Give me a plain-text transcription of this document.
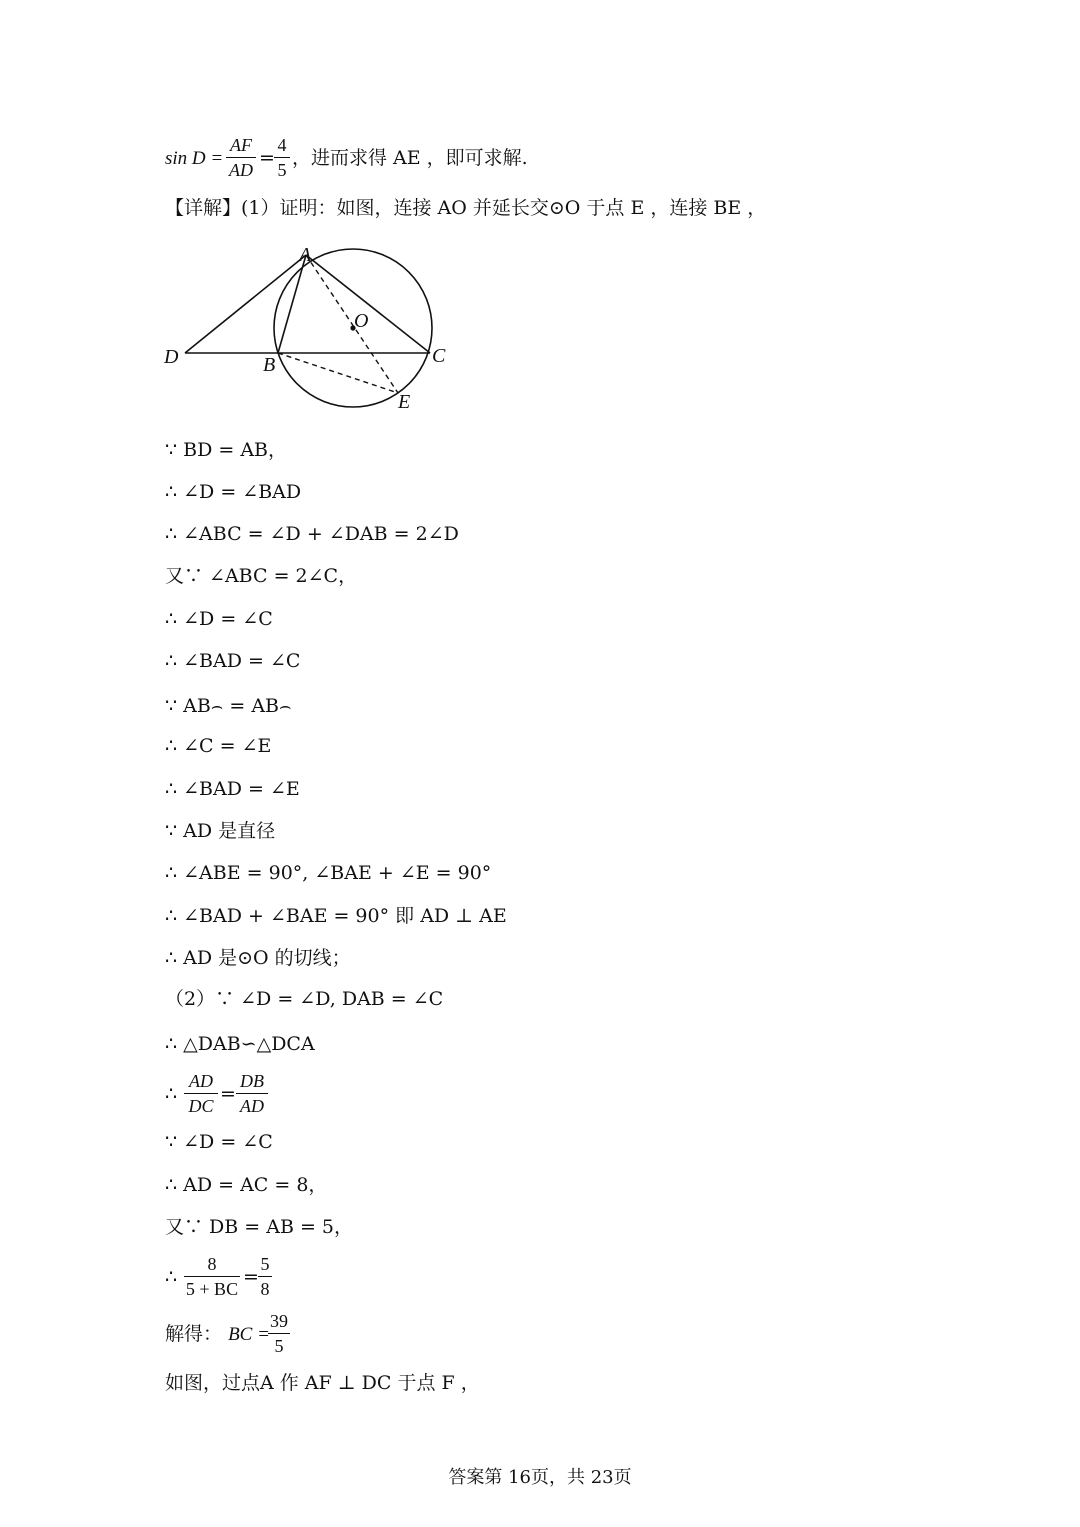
sin D =
AF
AD
=
4
5
，进而求得 AE ，即可求解.
【详解】(1）证明：如图，连接 AO 并延长交⊙O 于点 E ，连接 BE ，
A
O
D	B	C
E
∵ BD = AB，
∴ ∠D = ∠BAD
∴ ∠ABC = ∠D + ∠DAB = 2∠D
又∵ ∠ABC = 2∠C，
∴ ∠D = ∠C
∴ ∠BAD = ∠C
∵ AB⌢ = AB⌢
∴ ∠C = ∠E
∴ ∠BAD = ∠E
∵ AD 是直径
∴ ∠ABE = 90°, ∠BAE + ∠E = 90°
∴ ∠BAD + ∠BAE = 90° 即 AD ⊥ AE
∴ AD 是⊙O 的切线；
（2）∵ ∠D = ∠D, DAB = ∠C
∴ △DAB∽△DCA
∴
AD
DC
=
DB
AD
∵ ∠D = ∠C
∴ AD = AC = 8，
又∵ DB = AB = 5，
∴
8
5 + BC
=
5
8
解得： BC =
39
5
如图，过点A 作 AF ⊥ DC 于点 F ，
答案第 16页，共 23页
